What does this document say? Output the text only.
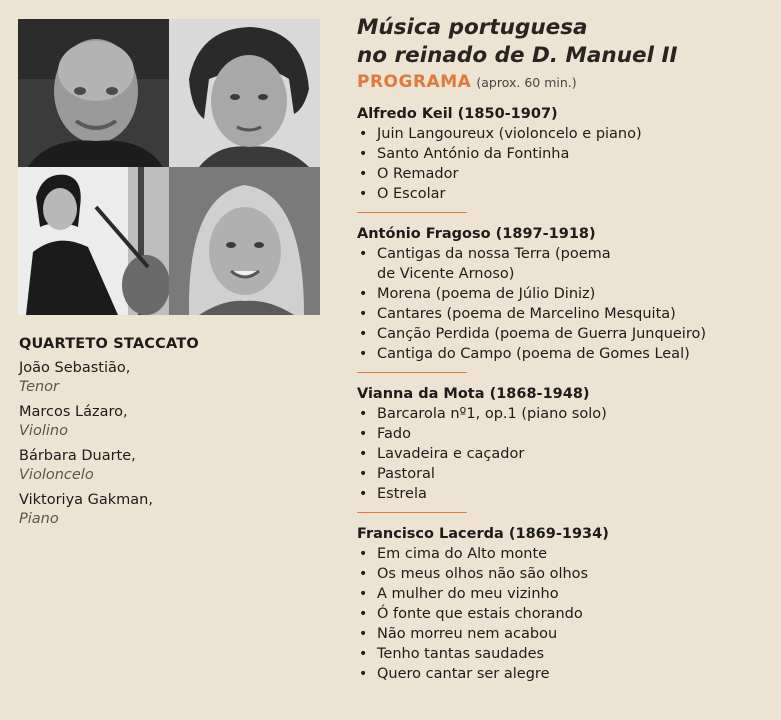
QUARTETO STACCATO
João Sebastião,
Tenor
Marcos Lázaro,
Violino
Bárbara Duarte,
Violoncelo
Viktoriya Gakman,
Piano
Música portuguesa
no reinado de D. Manuel II
PROGRAMA (aprox. 60 min.)
Alfredo Keil (1850-1907)
• Juin Langoureux (violoncelo e piano)
• Santo António da Fontinha
• O Remador
• O Escolar
António Fragoso (1897-1918)
• Cantigas da nossa Terra (poema
de Vicente Arnoso)
• Morena (poema de Júlio Diniz)
• Cantares (poema de Marcelino Mesquita)
• Canção Perdida (poema de Guerra Junqueiro)
• Cantiga do Campo (poema de Gomes Leal)
Vianna da Mota (1868-1948)
• Barcarola nº1, op.1 (piano solo)
• Fado
• Lavadeira e caçador
• Pastoral
• Estrela
Francisco Lacerda (1869-1934)
• Em cima do Alto monte
• Os meus olhos não são olhos
• A mulher do meu vizinho
• Ó fonte que estais chorando
• Não morreu nem acabou
• Tenho tantas saudades
• Quero cantar ser alegre
